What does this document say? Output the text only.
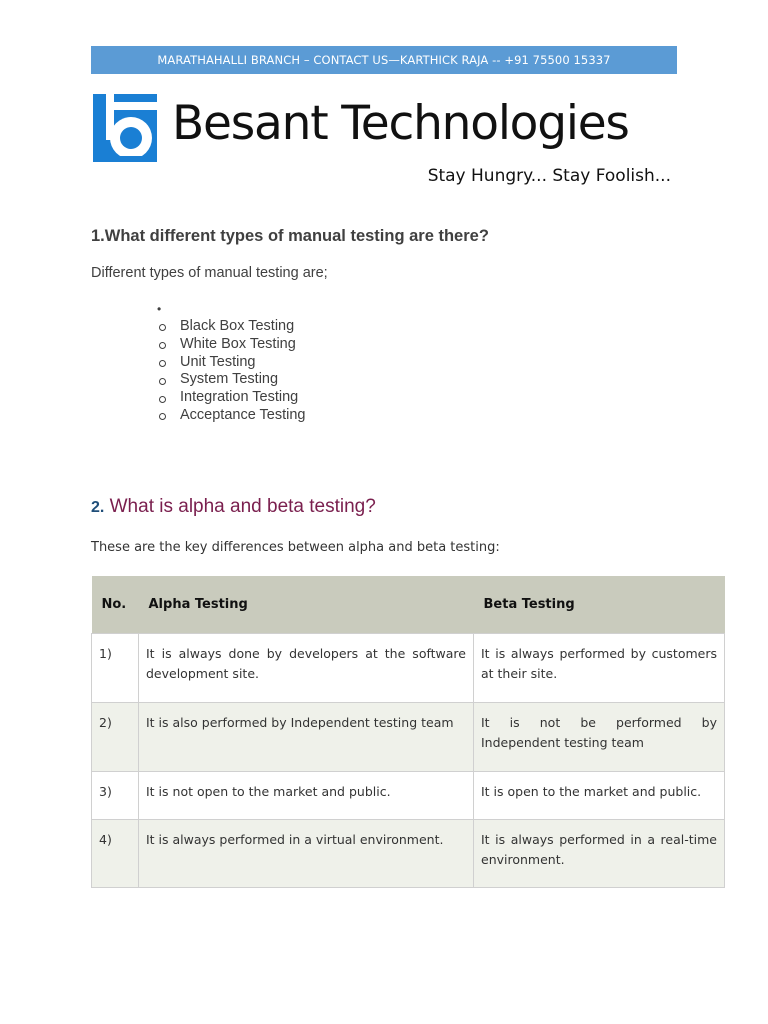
MARATHAHALLI BRANCH – CONTACT US—KARTHICK RAJA -- +91 75500 15337
Besant Technologies
Stay Hungry... Stay Foolish...
1.What different types of manual testing are there?

Different types of manual testing are;

•
Black Box Testing
White Box Testing
Unit Testing
System Testing
Integration Testing
Acceptance Testing
2. What is alpha and beta testing?

These are the key differences between alpha and beta testing:

No.	Alpha Testing	Beta Testing
1)	It is always done by developers at the software development site.	It is always performed by customers at their site.
2)	It is also performed by Independent testing team	It is not be performed by Independent testing team
3)	It is not open to the market and public.	It is open to the market and public.
4)	It is always performed in a virtual environment.	It is always performed in a real-time environment.
